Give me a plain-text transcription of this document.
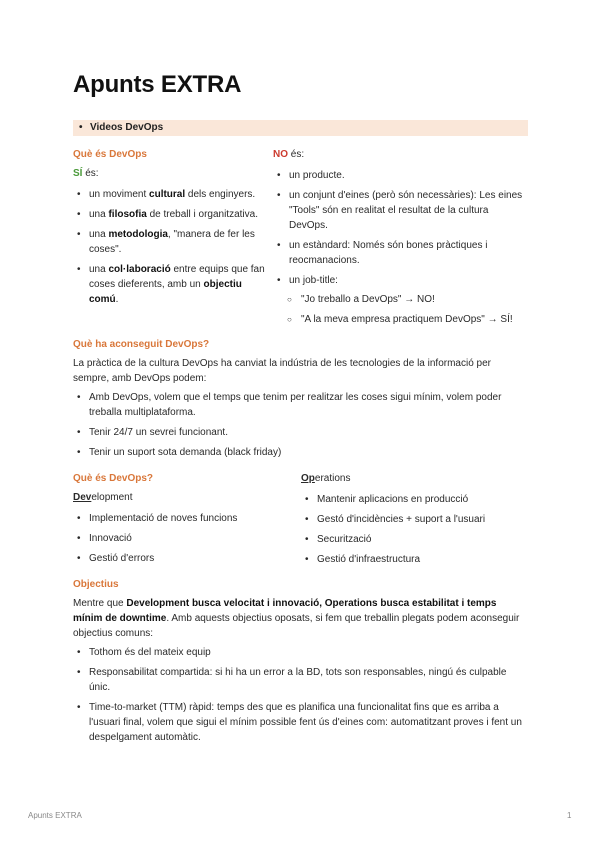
Apunts EXTRA
• Videos DevOps
Què és DevOps
SÍ és:
• un moviment cultural dels enginyers.
• una filosofia de treball i organitzativa.
• una metodologia, "manera de fer les coses".
• una col·laboració entre equips que fan coses dieferents, amb un objectiu comú.
NO és:
• un producte.
• un conjunt d'eines (però són necessàries): Les eines "Tools" són en realitat el resultat de la cultura DevOps.
• un estàndard: Només són bones pràctiques i reocmanacions.
• un job-title:
○ "Jo treballo a DevOps" → NO!
○ "A la meva empresa practiquem DevOps" → SÍ!
Què ha aconseguit DevOps?
La pràctica de la cultura DevOps ha canviat la indústria de les tecnologies de la informació per sempre, amb DevOps podem:
• Amb DevOps, volem que el temps que tenim per realitzar les coses sigui mínim, volem poder treballa multiplataforma.
• Tenir 24/7 un sevrei funcionant.
• Tenir un suport sota demanda (black friday)
Què és DevOps?
Development
• Implementació de noves funcions
• Innovació
• Gestió d'errors
Operations
• Mantenir aplicacions en producció
• Gestó d'incidències + suport a l'usuari
• Securització
• Gestió d'infraestructura
Objectius
Mentre que Development busca velocitat i innovació, Operations busca estabilitat i temps mínim de downtime. Amb aquests objectius oposats, si fem que treballin plegats podem aconseguir objectius comuns:
• Tothom és del mateix equip
• Responsabilitat compartida: si hi ha un error a la BD, tots son responsables, ningú és culpable únic.
• Time-to-market (TTM) ràpid: temps des que es planifica una funcionalitat fins que es arriba a l'usuari final, volem que sigui el mínim possible fent ús d'eines com: automatitzant proves i fent un despelgament automàtic.
Apunts EXTRA	1
